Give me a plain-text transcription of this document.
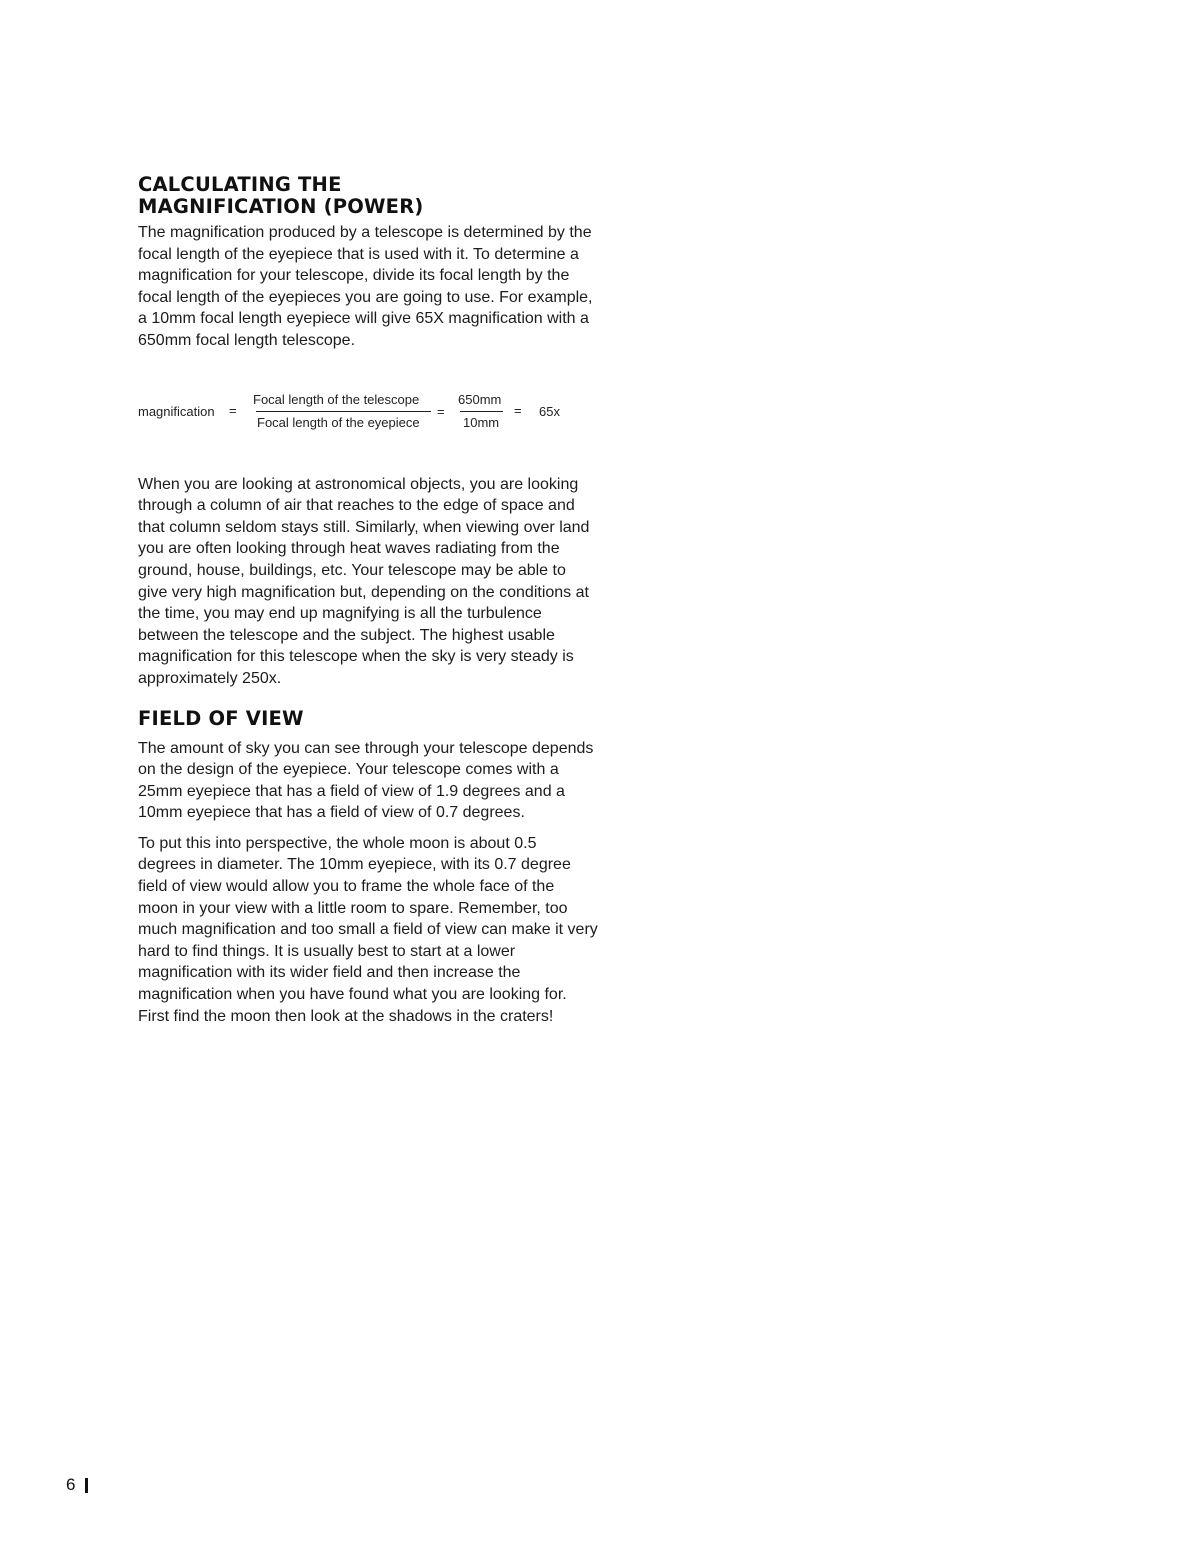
CALCULATING THE
MAGNIFICATION (POWER)

The magnification produced by a telescope is determined by the focal length of the eyepiece that is used with it. To determine a magnification for your telescope, divide its focal length by the focal length of the eyepieces you are going to use. For example, a 10mm focal length eyepiece will give 65X magnification with a 650mm focal length telescope.

magnification =
Focal length of the telescope
Focal length of the eyepiece
=
650mm
10mm
= 65x

When you are looking at astronomical objects, you are looking through a column of air that reaches to the edge of space and that column seldom stays still. Similarly, when viewing over land you are often looking through heat waves radiating from the ground, house, buildings, etc. Your telescope may be able to give very high magnification but, depending on the conditions at the time, you may end up magnifying is all the turbulence between the telescope and the subject. The highest usable magnification for this telescope when the sky is very steady is approximately 250x.

FIELD OF VIEW

The amount of sky you can see through your telescope depends on the design of the eyepiece. Your telescope comes with a 25mm eyepiece that has a field of view of 1.9 degrees and a 10mm eyepiece that has a field of view of 0.7 degrees.

To put this into perspective, the whole moon is about 0.5 degrees in diameter. The 10mm eyepiece, with its 0.7 degree field of view would allow you to frame the whole face of the moon in your view with a little room to spare. Remember, too much magnification and too small a field of view can make it very hard to find things. It is usually best to start at a lower magnification with its wider field and then increase the magnification when you have found what you are looking for. First find the moon then look at the shadows in the craters!

6
